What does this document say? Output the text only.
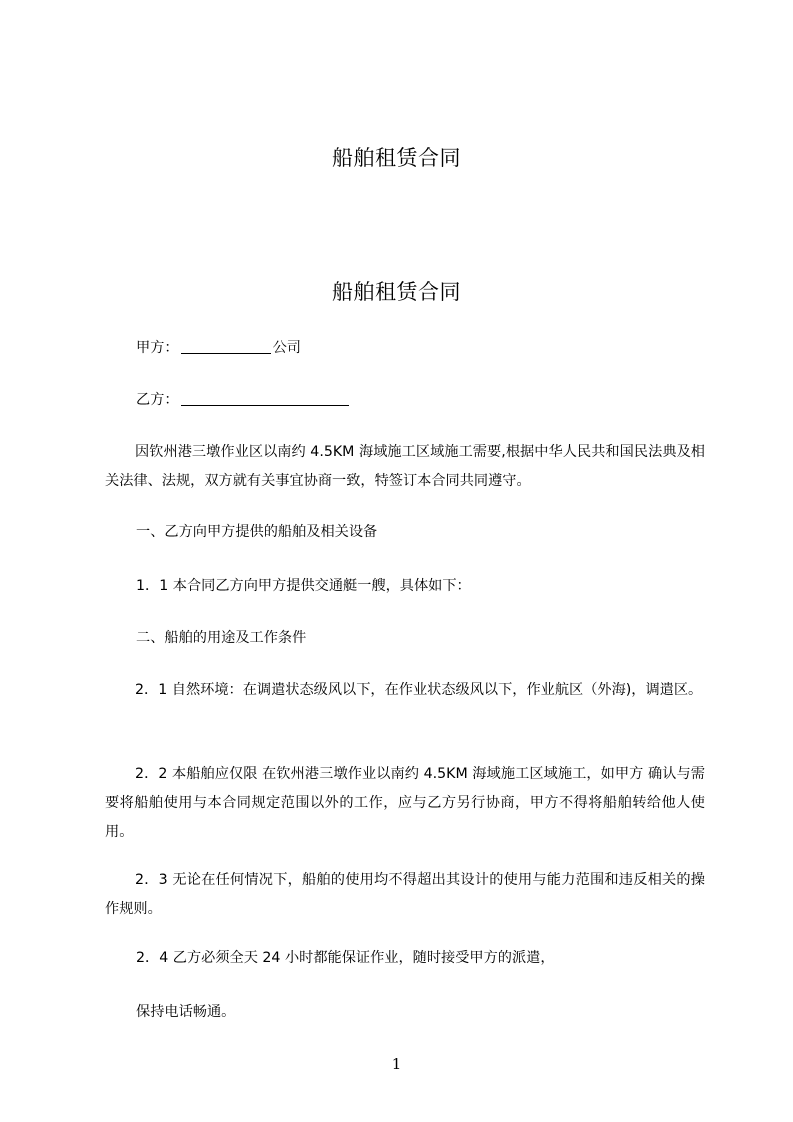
船舶租赁合同
船舶租赁合同
甲方：	公司
乙方：
因钦州港三墩作业区以南约 4.5KM 海域施工区域施工需要,根据中华人民共和国民法典及相关法律、法规，双方就有关事宜协商一致，特签订本合同共同遵守。
一、乙方向甲方提供的船舶及相关设备
1．1 本合同乙方向甲方提供交通艇一艘，具体如下：
二、船舶的用途及工作条件
2．1 自然环境：在调遣状态级风以下，在作业状态级风以下，作业航区（外海)，调遣区。
2．2 本船舶应仅限 在钦州港三墩作业以南约 4.5KM 海域施工区域施工，如甲方 确认与需要将船舶使用与本合同规定范围以外的工作，应与乙方另行协商，甲方不得将船舶转给他人使用。
2．3 无论在任何情况下，船舶的使用均不得超出其设计的使用与能力范围和违反相关的操作规则。
2．4 乙方必须全天 24 小时都能保证作业，随时接受甲方的派遣，
保持电话畅通。
1
